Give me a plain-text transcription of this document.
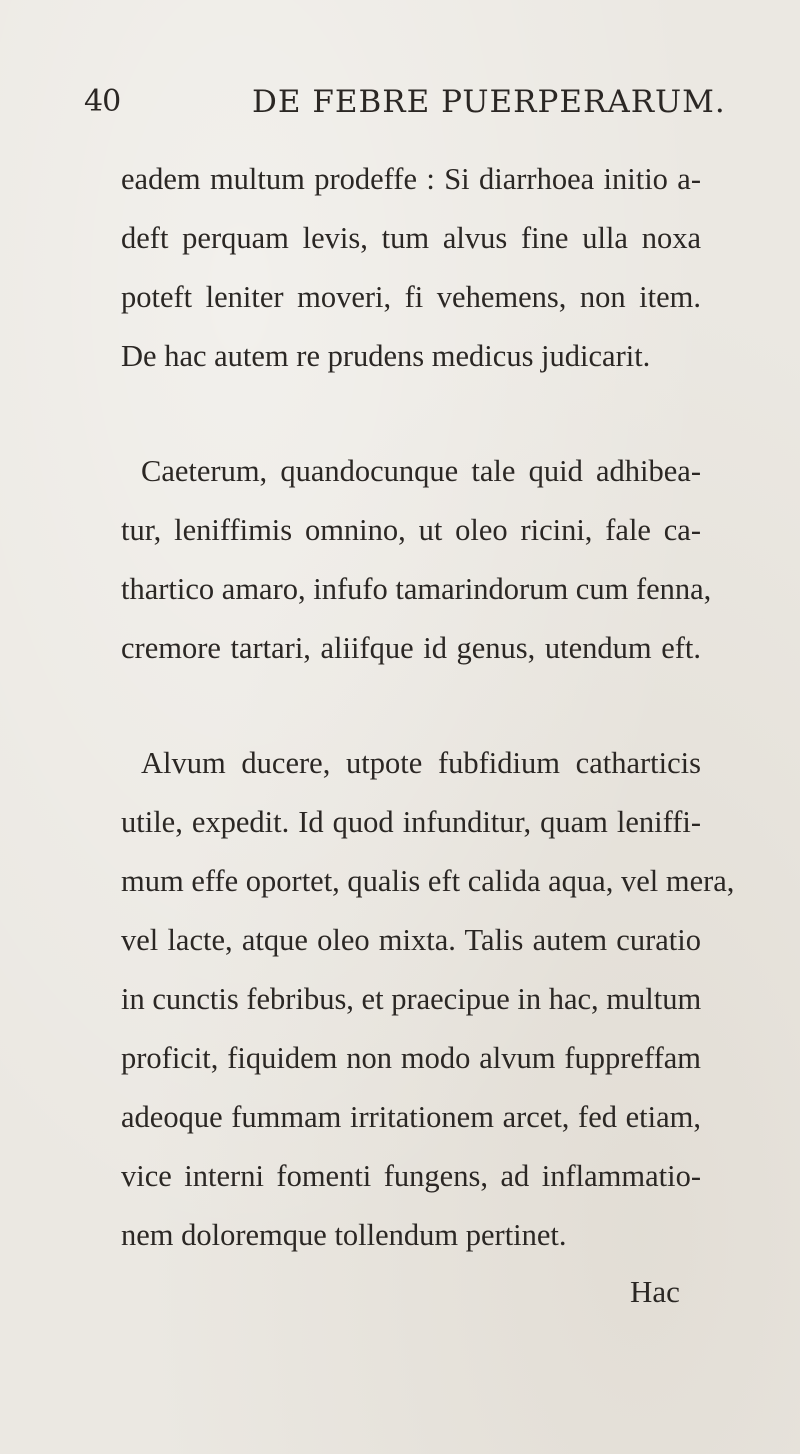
40	DE FEBRE PUERPERARUM.
eadem multum prodeffe : Si diarrhoea initio a-
deft perquam levis, tum alvus fine ulla noxa
poteft leniter moveri, fi vehemens, non item.
De hac autem re prudens medicus judicarit.
Caeterum, quandocunque tale quid adhibea-
tur, leniffimis omnino, ut oleo ricini, fale ca-
thartico amaro, infufo tamarindorum cum fenna,
cremore tartari, aliifque id genus, utendum eft.
Alvum ducere, utpote fubfidium catharticis
utile, expedit. Id quod infunditur, quam leniffi-
mum effe oportet, qualis eft calida aqua, vel mera,
vel lacte, atque oleo mixta. Talis autem curatio
in cunctis febribus, et praecipue in hac, multum
proficit, fiquidem non modo alvum fuppreffam
adeoque fummam irritationem arcet, fed etiam,
vice interni fomenti fungens, ad inflammatio-
nem doloremque tollendum pertinet.
Hac
